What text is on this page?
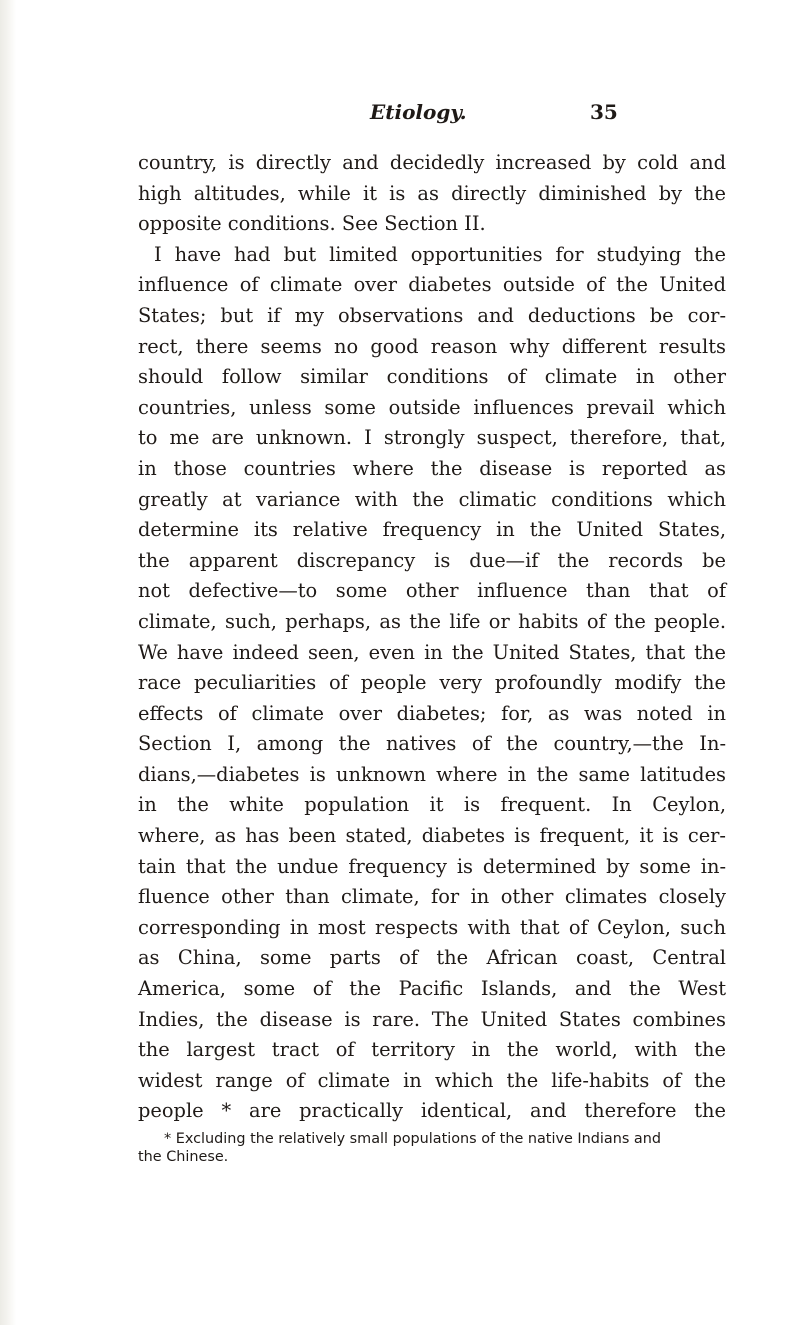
Etiology.	35

country, is directly and decidedly increased by cold and

high altitudes, while it is as directly diminished by the

opposite conditions. See Section II.

I have had but limited opportunities for studying the

influence of climate over diabetes outside of the United

States; but if my observations and deductions be cor-

rect, there seems no good reason why different results

should follow similar conditions of climate in other

countries, unless some outside influences prevail which

to me are unknown. I strongly suspect, therefore, that,

in those countries where the disease is reported as

greatly at variance with the climatic conditions which

determine its relative frequency in the United States,

the apparent discrepancy is due—if the records be

not defective—to some other influence than that of

climate, such, perhaps, as the life or habits of the people.

We have indeed seen, even in the United States, that the

race peculiarities of people very profoundly modify the

effects of climate over diabetes; for, as was noted in

Section I, among the natives of the country,—the In-

dians,—diabetes is unknown where in the same latitudes

in the white population it is frequent. In Ceylon,

where, as has been stated, diabetes is frequent, it is cer-

tain that the undue frequency is determined by some in-

fluence other than climate, for in other climates closely

corresponding in most respects with that of Ceylon, such

as China, some parts of the African coast, Central

America, some of the Pacific Islands, and the West

Indies, the disease is rare. The United States combines

the largest tract of territory in the world, with the

widest range of climate in which the life-habits of the

people * are practically identical, and therefore the

* Excluding the relatively small populations of the native Indians and
the Chinese.
